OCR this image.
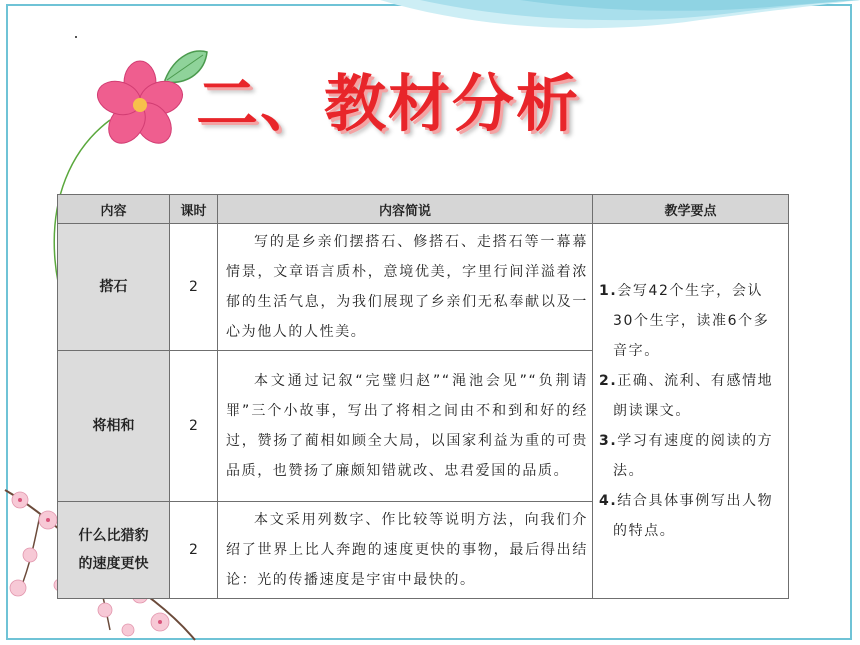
二、教材分析
内容	课时	内容简说	教学要点
搭石	2	写的是乡亲们摆搭石、修搭石、走搭石等一幕幕情景，文章语言质朴，意境优美，字里行间洋溢着浓郁的生活气息，为我们展现了乡亲们无私奉献以及一心为他人的人性美。	1.会写42个生字，会认30个生字，读准6个多音字。

2.正确、流利、有感情地朗读课文。

3.学习有速度的阅读的方法。

4.结合具体事例写出人物的特点。

将相和	2	本文通过记叙“完璧归赵”“渑池会见”“负荆请罪”三个小故事，写出了将相之间由不和到和好的经过，赞扬了蔺相如顾全大局，以国家利益为重的可贵品质，也赞扬了廉颇知错就改、忠君爱国的品质。	

什么比猎豹的速度更快	2	本文采用列数字、作比较等说明方法，向我们介绍了世界上比人奔跑的速度更快的事物，最后得出结论：光的传播速度是宇宙中最快的。	
